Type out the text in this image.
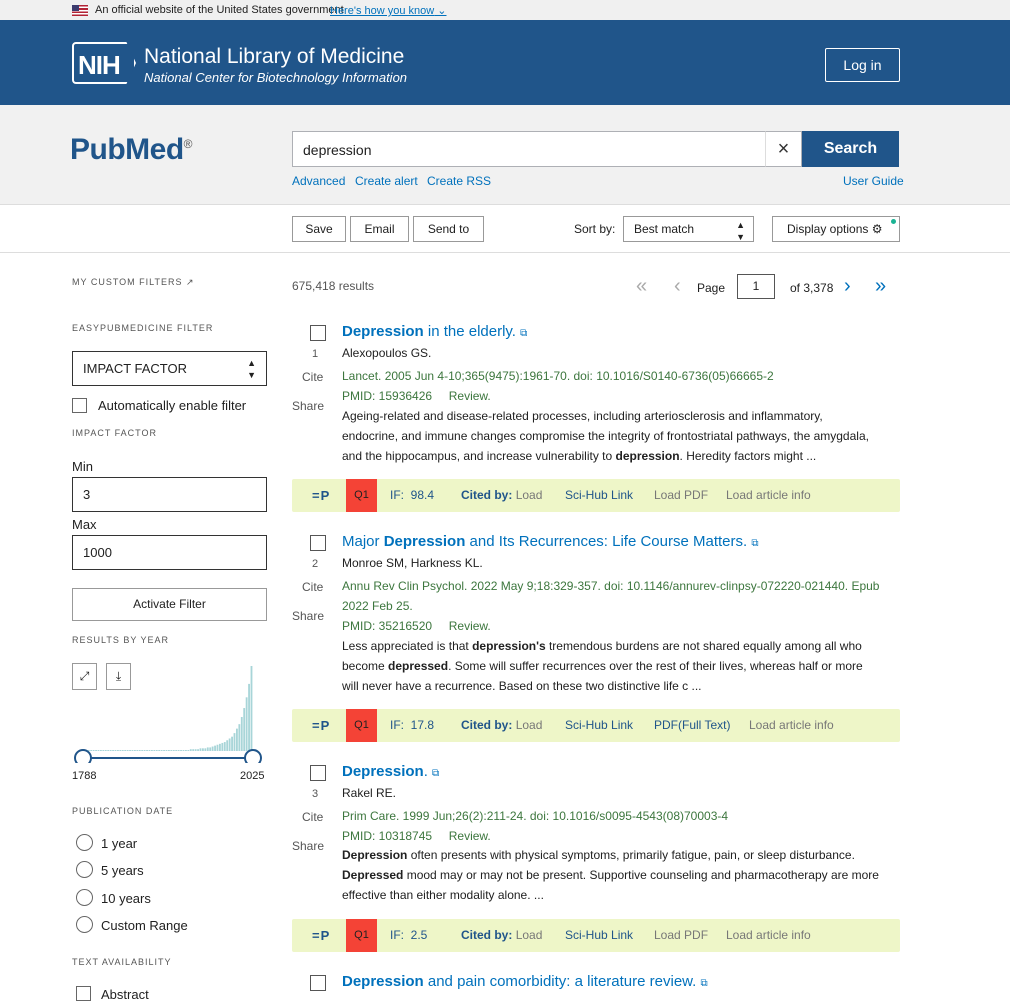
An official website of the United States government
Here's how you know ⌄
NIH National Library of Medicine
National Center for Biotechnology Information
Log in
PubMed®	depression	×	Search
Advanced Create alert Create RSS	User Guide
Save	Email	Send to	Sort by:	Best match	▲
▼
Display options ⚙
MY CUSTOM FILTERS ↗
EASYPUBMEDICINE FILTER
IMPACT FACTOR	▲
▼
Automatically enable filter
IMPACT FACTOR
Min
3
Max
1000
Activate Filter
RESULTS BY YEAR
⤢	⤓
1788	2025
PUBLICATION DATE
1 year
5 years
10 years
Custom Range
TEXT AVAILABILITY
Abstract
675,418 results	« ‹ Page	1	of 3,378 › »
1
Cite
Share
Depression in the elderly. ⧉
Alexopoulos GS.
Lancet. 2005 Jun 4-10;365(9475):1961-70. doi: 10.1016/S0140-6736(05)66665-2
PMID: 15936426 Review.
Ageing-related and disease-related processes, including arteriosclerosis and inflammatory, endocrine, and immune changes compromise the integrity of frontostriatal pathways, the amygdala, and the hippocampus, and increase vulnerability to depression. Heredity factors might ...
=P	Q1	IF: 98.4 Cited by: Load Sci-Hub Link Load PDF Load article info
2
Cite
Share
Major Depression and Its Recurrences: Life Course Matters. ⧉
Monroe SM, Harkness KL.
Annu Rev Clin Psychol. 2022 May 9;18:329-357. doi: 10.1146/annurev-clinpsy-072220-021440. Epub 2022 Feb 25.
PMID: 35216520 Review.
Less appreciated is that depression's tremendous burdens are not shared equally among all who become depressed. Some will suffer recurrences over the rest of their lives, whereas half or more will never have a recurrence. Based on these two distinctive life c ...
=P	Q1	IF: 17.8 Cited by: Load Sci-Hub Link PDF(Full Text) Load article info
3
Cite
Share
Depression. ⧉
Rakel RE.
Prim Care. 1999 Jun;26(2):211-24. doi: 10.1016/s0095-4543(08)70003-4
PMID: 10318745 Review.
Depression often presents with physical symptoms, primarily fatigue, pain, or sleep disturbance. Depressed mood may or may not be present. Supportive counseling and pharmacotherapy are more effective than either modality alone. ...
=P	Q1	IF: 2.5	Cited by: Load Sci-Hub Link Load PDF Load article info
Depression and pain comorbidity: a literature review. ⧉
